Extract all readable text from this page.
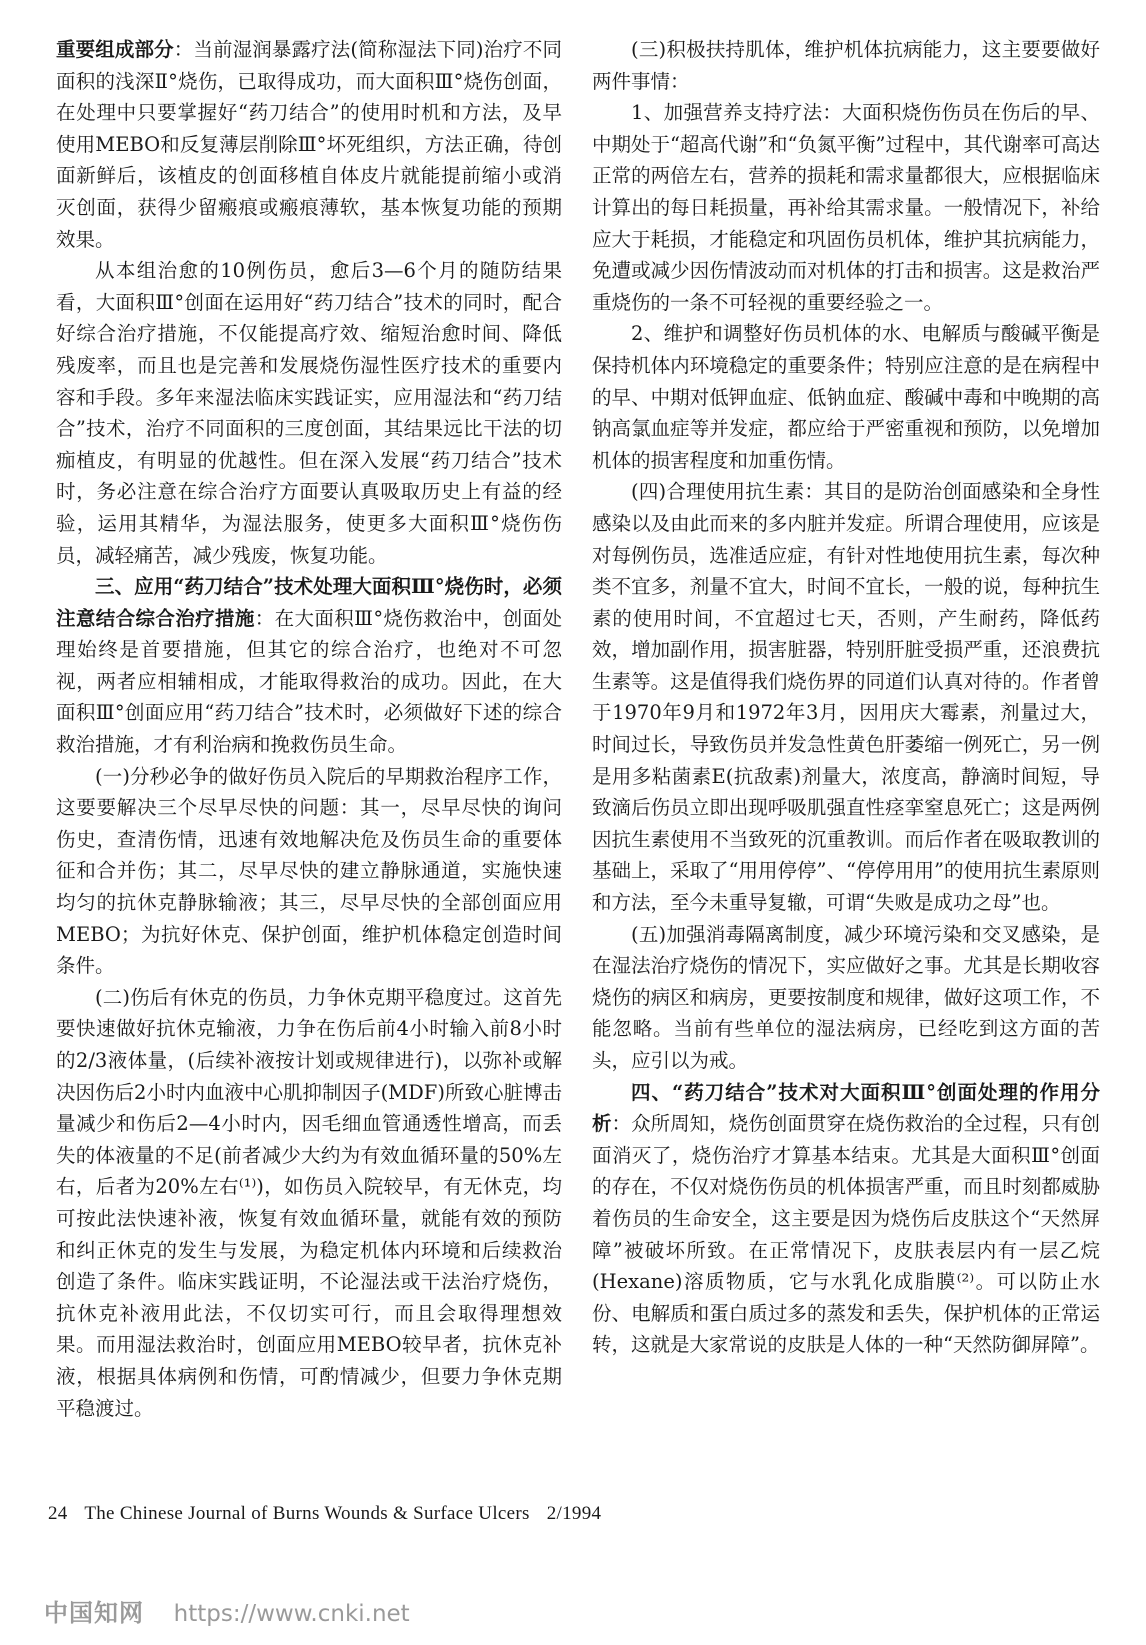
重要组成部分：当前湿润暴露疗法(简称湿法下同)治疗不同面积的浅深Ⅱ°烧伤，已取得成功，而大面积Ⅲ°烧伤创面，在处理中只要掌握好“药刀结合”的使用时机和方法，及早使用MEBO和反复薄层削除Ⅲ°坏死组织，方法正确，待创面新鲜后，该植皮的创面移植自体皮片就能提前缩小或消灭创面，获得少留瘢痕或瘢痕薄软，基本恢复功能的预期效果。

从本组治愈的10例伤员，愈后3—6个月的随防结果看，大面积Ⅲ°创面在运用好“药刀结合”技术的同时，配合好综合治疗措施，不仅能提高疗效、缩短治愈时间、降低残废率，而且也是完善和发展烧伤湿性医疗技术的重要内容和手段。多年来湿法临床实践证实，应用湿法和“药刀结合”技术，治疗不同面积的三度创面，其结果远比干法的切痂植皮，有明显的优越性。但在深入发展“药刀结合”技术时，务必注意在综合治疗方面要认真吸取历史上有益的经验，运用其精华，为湿法服务，使更多大面积Ⅲ°烧伤伤员，减轻痛苦，减少残废，恢复功能。

三、应用“药刀结合”技术处理大面积Ⅲ°烧伤时，必须注意结合综合治疗措施：在大面积Ⅲ°烧伤救治中，创面处理始终是首要措施，但其它的综合治疗，也绝对不可忽视，两者应相辅相成，才能取得救治的成功。因此，在大面积Ⅲ°创面应用“药刀结合”技术时，必须做好下述的综合救治措施，才有利治病和挽救伤员生命。

(一)分秒必争的做好伤员入院后的早期救治程序工作，这要要解决三个尽早尽快的问题：其一，尽早尽快的询问伤史，查清伤情，迅速有效地解决危及伤员生命的重要体征和合并伤；其二，尽早尽快的建立静脉通道，实施快速均匀的抗休克静脉输液；其三，尽早尽快的全部创面应用MEBO；为抗好休克、保护创面，维护机体稳定创造时间条件。

(二)伤后有休克的伤员，力争休克期平稳度过。这首先要快速做好抗休克输液，力争在伤后前4小时输入前8小时的2/3液体量，(后续补液按计划或规律进行)，以弥补或解决因伤后2小时内血液中心肌抑制因子(MDF)所致心脏博击量减少和伤后2—4小时内，因毛细血管通透性增高，而丢失的体液量的不足(前者减少大约为有效血循环量的50%左右，后者为20%左右⁽¹⁾)，如伤员入院较早，有无休克，均可按此法快速补液，恢复有效血循环量，就能有效的预防和纠正休克的发生与发展，为稳定机体内环境和后续救治创造了条件。临床实践证明，不论湿法或干法治疗烧伤，抗休克补液用此法，不仅切实可行，而且会取得理想效果。而用湿法救治时，创面应用MEBO较早者，抗休克补液，根据具体病例和伤情，可酌情减少，但要力争休克期平稳渡过。

(三)积极扶持肌体，维护机体抗病能力，这主要要做好两件事情：

1、加强营养支持疗法：大面积烧伤伤员在伤后的早、中期处于“超高代谢”和“负氮平衡”过程中，其代谢率可高达正常的两倍左右，营养的损耗和需求量都很大，应根据临床计算出的每日耗损量，再补给其需求量。一般情况下，补给应大于耗损，才能稳定和巩固伤员机体，维护其抗病能力，免遭或减少因伤情波动而对机体的打击和损害。这是救治严重烧伤的一条不可轻视的重要经验之一。

2、维护和调整好伤员机体的水、电解质与酸碱平衡是保持机体内环境稳定的重要条件；特别应注意的是在病程中的早、中期对低钾血症、低钠血症、酸碱中毒和中晚期的高钠高氯血症等并发症，都应给于严密重视和预防，以免增加机体的损害程度和加重伤情。

(四)合理使用抗生素：其目的是防治创面感染和全身性感染以及由此而来的多内脏并发症。所谓合理使用，应该是对每例伤员，选准适应症，有针对性地使用抗生素，每次种类不宜多，剂量不宜大，时间不宜长，一般的说，每种抗生素的使用时间，不宜超过七天，否则，产生耐药，降低药效，增加副作用，损害脏器，特别肝脏受损严重，还浪费抗生素等。这是值得我们烧伤界的同道们认真对待的。作者曾于1970年9月和1972年3月，因用庆大霉素，剂量过大，时间过长，导致伤员并发急性黄色肝萎缩一例死亡，另一例是用多粘菌素E(抗敌素)剂量大，浓度高，静滴时间短，导致滴后伤员立即出现呼吸肌强直性痉挛窒息死亡；这是两例因抗生素使用不当致死的沉重教训。而后作者在吸取教训的基础上，采取了“用用停停”、“停停用用”的使用抗生素原则和方法，至今未重导复辙，可谓“失败是成功之母”也。

(五)加强消毒隔离制度，减少环境污染和交叉感染，是在湿法治疗烧伤的情况下，实应做好之事。尤其是长期收容烧伤的病区和病房，更要按制度和规律，做好这项工作，不能忽略。当前有些单位的湿法病房，已经吃到这方面的苦头，应引以为戒。

四、“药刀结合”技术对大面积Ⅲ°创面处理的作用分析：众所周知，烧伤创面贯穿在烧伤救治的全过程，只有创面消灭了，烧伤治疗才算基本结束。尤其是大面积Ⅲ°创面的存在，不仅对烧伤伤员的机体损害严重，而且时刻都威胁着伤员的生命安全，这主要是因为烧伤后皮肤这个“天然屏障”被破坏所致。在正常情况下，皮肤表层内有一层乙烷(Hexane)溶质物质，它与水乳化成脂膜⁽²⁾。可以防止水份、电解质和蛋白质过多的蒸发和丢失，保护机体的正常运转，这就是大家常说的皮肤是人体的一种“天然防御屏障”。

24 The Chinese Journal of Burns Wounds & Surface Ulcers 2/1994
中国知网 https://www.cnki.net
